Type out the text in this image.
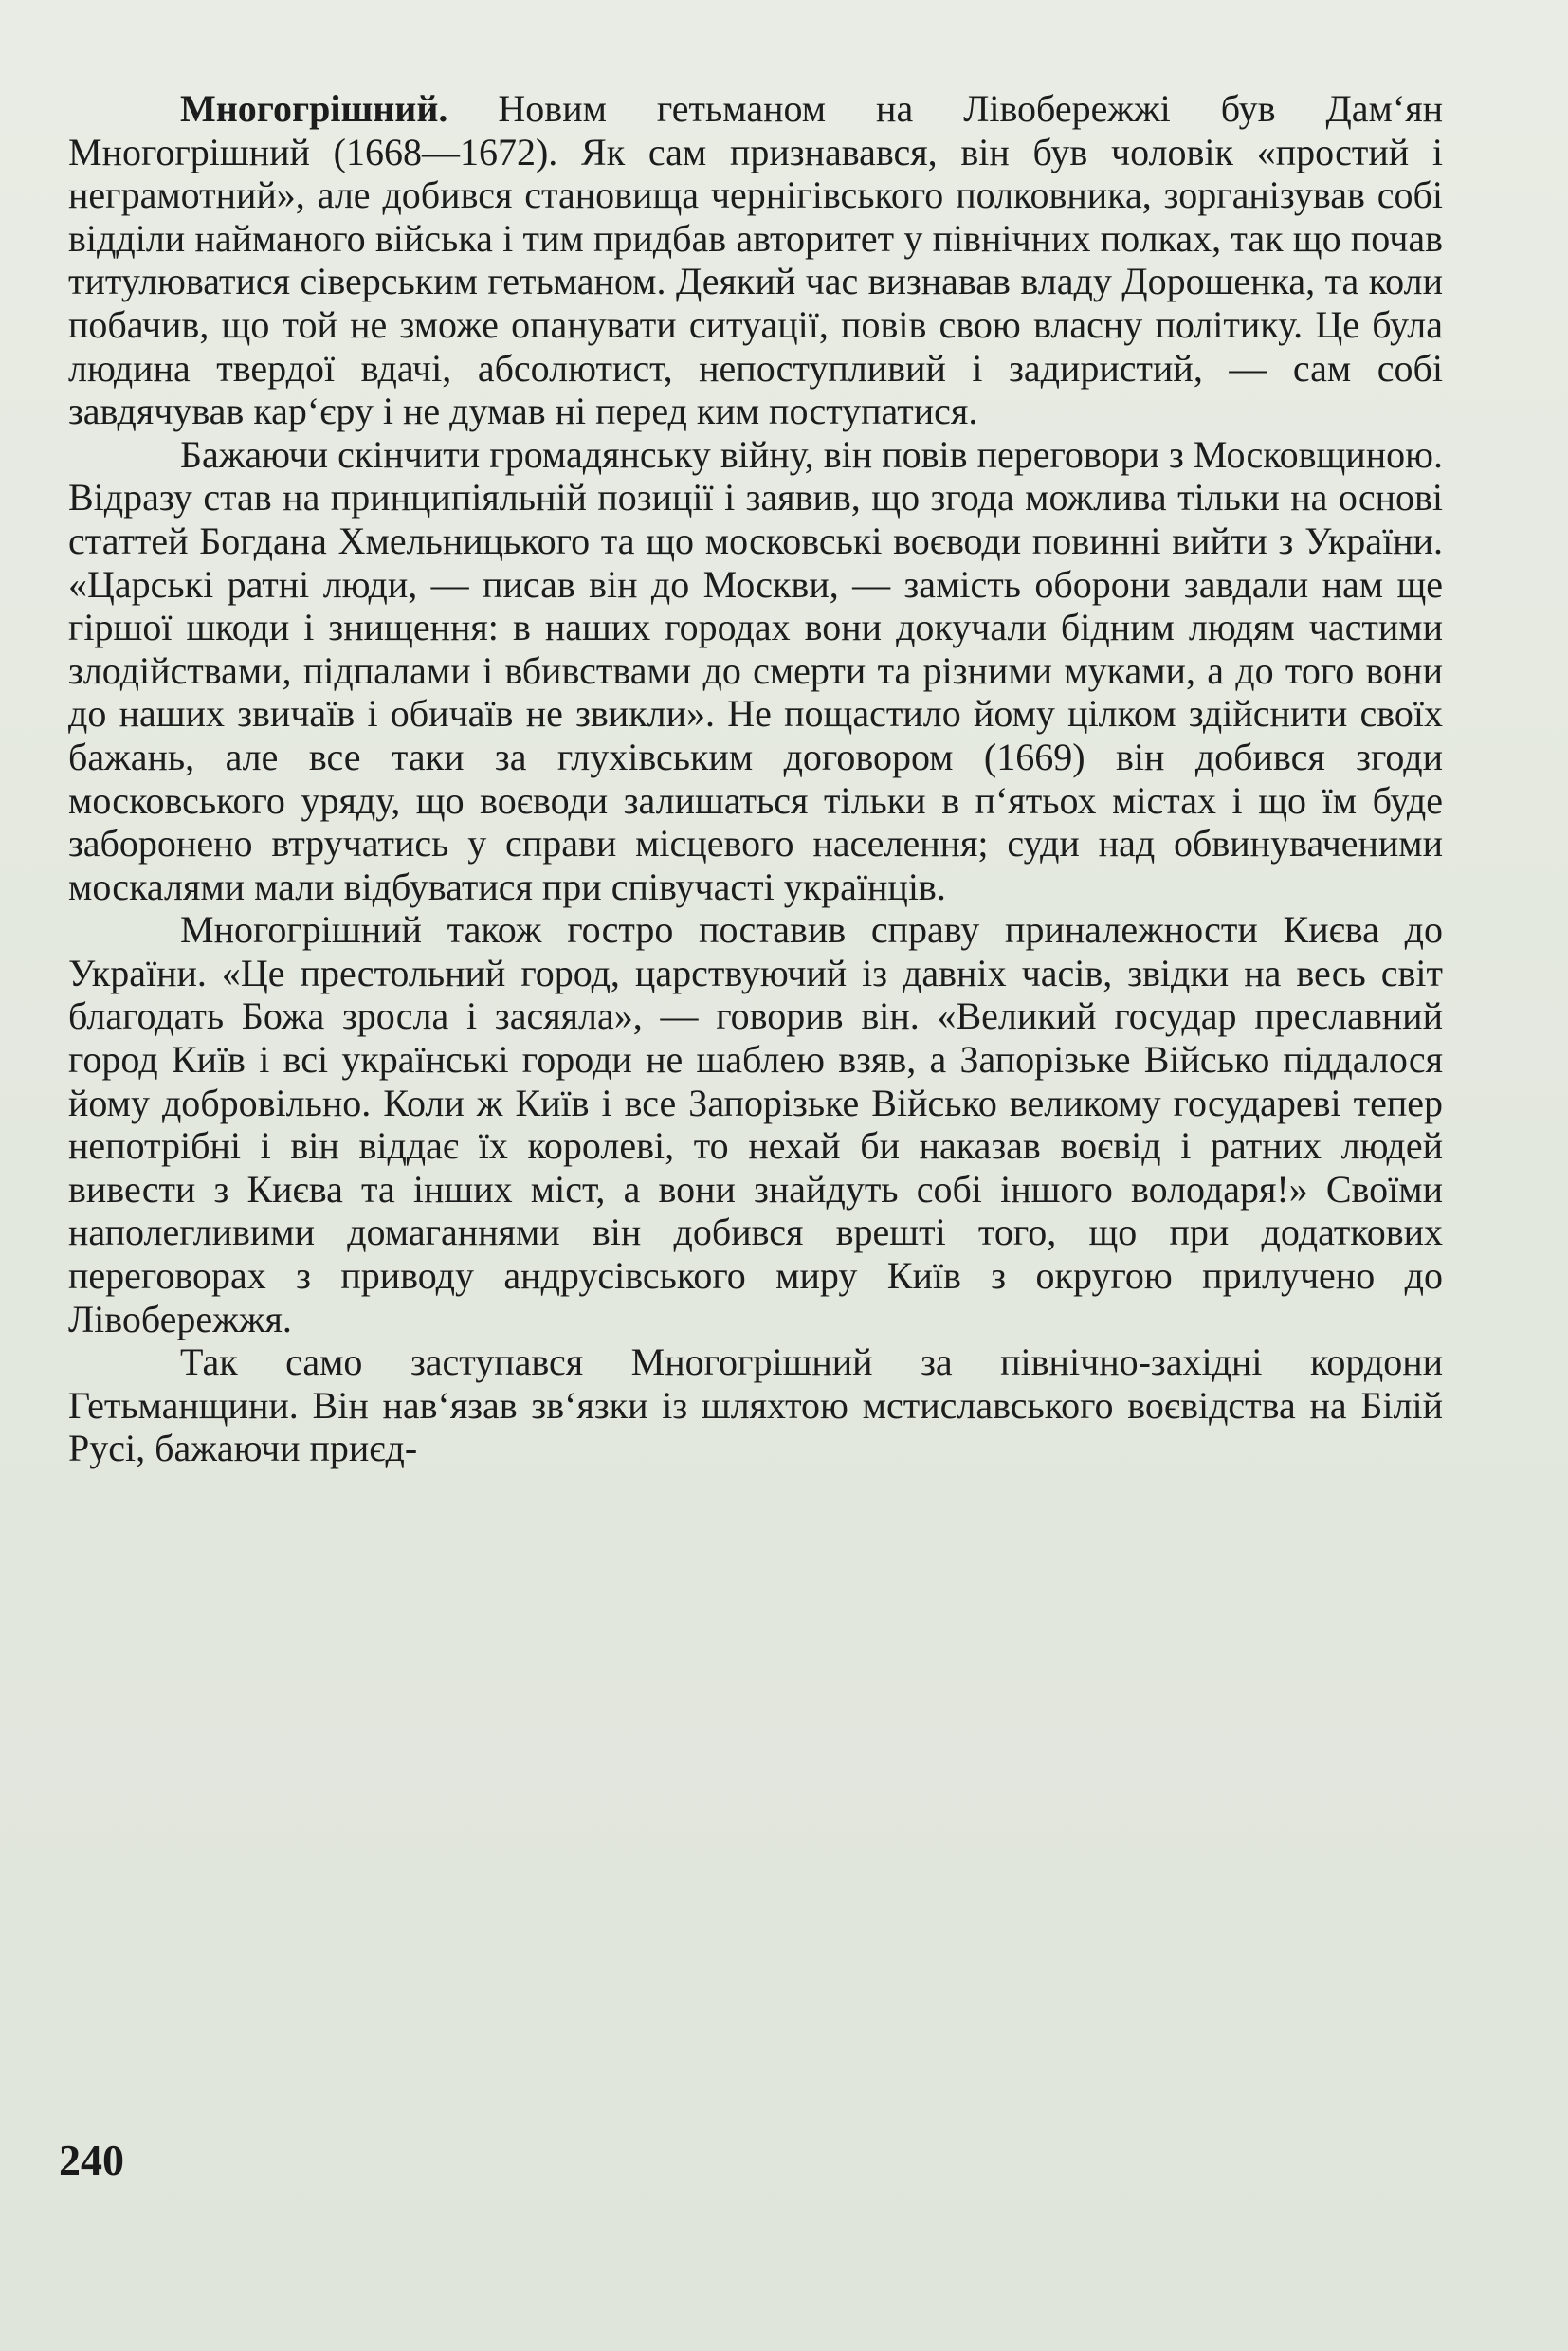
Многогрішний. Новим гетьманом на Лівобережжі був Дам‘ян Многогрішний (1668—1672). Як сам признавався, він був чоловік «простий і неграмотний», але добився становища чернігівського полковника, зорганізував собі відділи найманого війська і тим придбав авторитет у північних полках, так що почав титулюватися сіверським гетьманом. Деякий час визнавав владу Дорошенка, та коли побачив, що той не зможе опанувати ситуації, повів свою власну політику. Це була людина твердої вдачі, абсолютист, непоступливий і задиристий, — сам собі завдячував кар‘єру і не думав ні перед ким поступатися.

Бажаючи скінчити громадянську війну, він повів переговори з Московщиною. Відразу став на принципіяльній позиції і заявив, що згода можлива тільки на основі статтей Богдана Хмельницького та що московські воєводи повинні вийти з України. «Царські ратні люди, — писав він до Москви, — замість оборони завдали нам ще гіршої шкоди і знищення: в наших городах вони докучали бідним людям частими злодійствами, підпалами і вбивствами до смерти та різними муками, а до того вони до наших звичаїв і обичаїв не звикли». Не пощастило йому цілком здійснити своїх бажань, але все таки за глухівським договором (1669) він добився згоди московського уряду, що воєводи залишаться тільки в п‘ятьох містах і що їм буде заборонено втручатись у справи місцевого населення; суди над обвинуваченими москалями мали відбуватися при співучасті українців.

Многогрішний також гостро поставив справу приналежности Києва до України. «Це престольний город, царствуючий із давніх часів, звідки на весь світ благодать Божа зросла і засяяла», — говорив він. «Великий государ преславний город Київ і всі українські городи не шаблею взяв, а Запорізьке Військо піддалося йому добровільно. Коли ж Київ і все Запорізьке Військо великому государеві тепер непотрібні і він віддає їх королеві, то нехай би наказав воєвід і ратних людей вивести з Києва та інших міст, а вони знайдуть собі іншого володаря!» Своїми наполегливими домаганнями він добився врешті того, що при додаткових переговорах з приводу андрусівського миру Київ з округою прилучено до Лівобережжя.

Так само заступався Многогрішний за північно-західні кордони Гетьманщини. Він нав‘язав зв‘язки із шляхтою мстиславського воєвідства на Білій Русі, бажаючи приєд-

240
